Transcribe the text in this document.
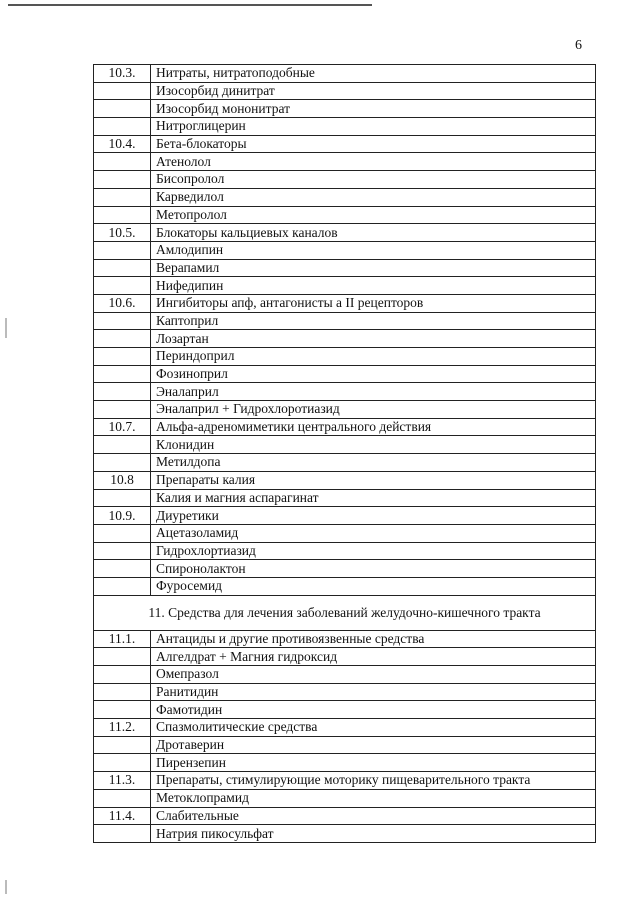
6
10.3.	Нитраты, нитратоподобные
	Изосорбид динитрат
	Изосорбид мононитрат
	Нитроглицерин
10.4.	Бета-блокаторы
	Атенолол
	Бисопролол
	Карведилол
	Метопролол
10.5.	Блокаторы кальциевых каналов
	Амлодипин
	Верапамил
	Нифедипин
10.6.	Ингибиторы апф, антагонисты а II рецепторов
	Каптоприл
	Лозартан
	Периндоприл
	Фозиноприл
	Эналаприл
	Эналаприл + Гидрохлоротиазид
10.7.	Альфа-адреномиметики центрального действия
	Клонидин
	Метилдопа
10.8	Препараты калия
	Калия и магния аспарагинат
10.9.	Диуретики
	Ацетазоламид
	Гидрохлортиазид
	Спиронолактон
	Фуросемид
11. Средства для лечения заболеваний желудочно-кишечного тракта	
11.1.	Антациды и другие противоязвенные средства
	Алгелдрат + Магния гидроксид
	Омепразол
	Ранитидин
	Фамотидин
11.2.	Спазмолитические средства
	Дротаверин
	Пирензепин
11.3.	Препараты, стимулирующие моторику пищеварительного тракта
	Метоклопрамид
11.4.	Слабительные
	Натрия пикосульфат
